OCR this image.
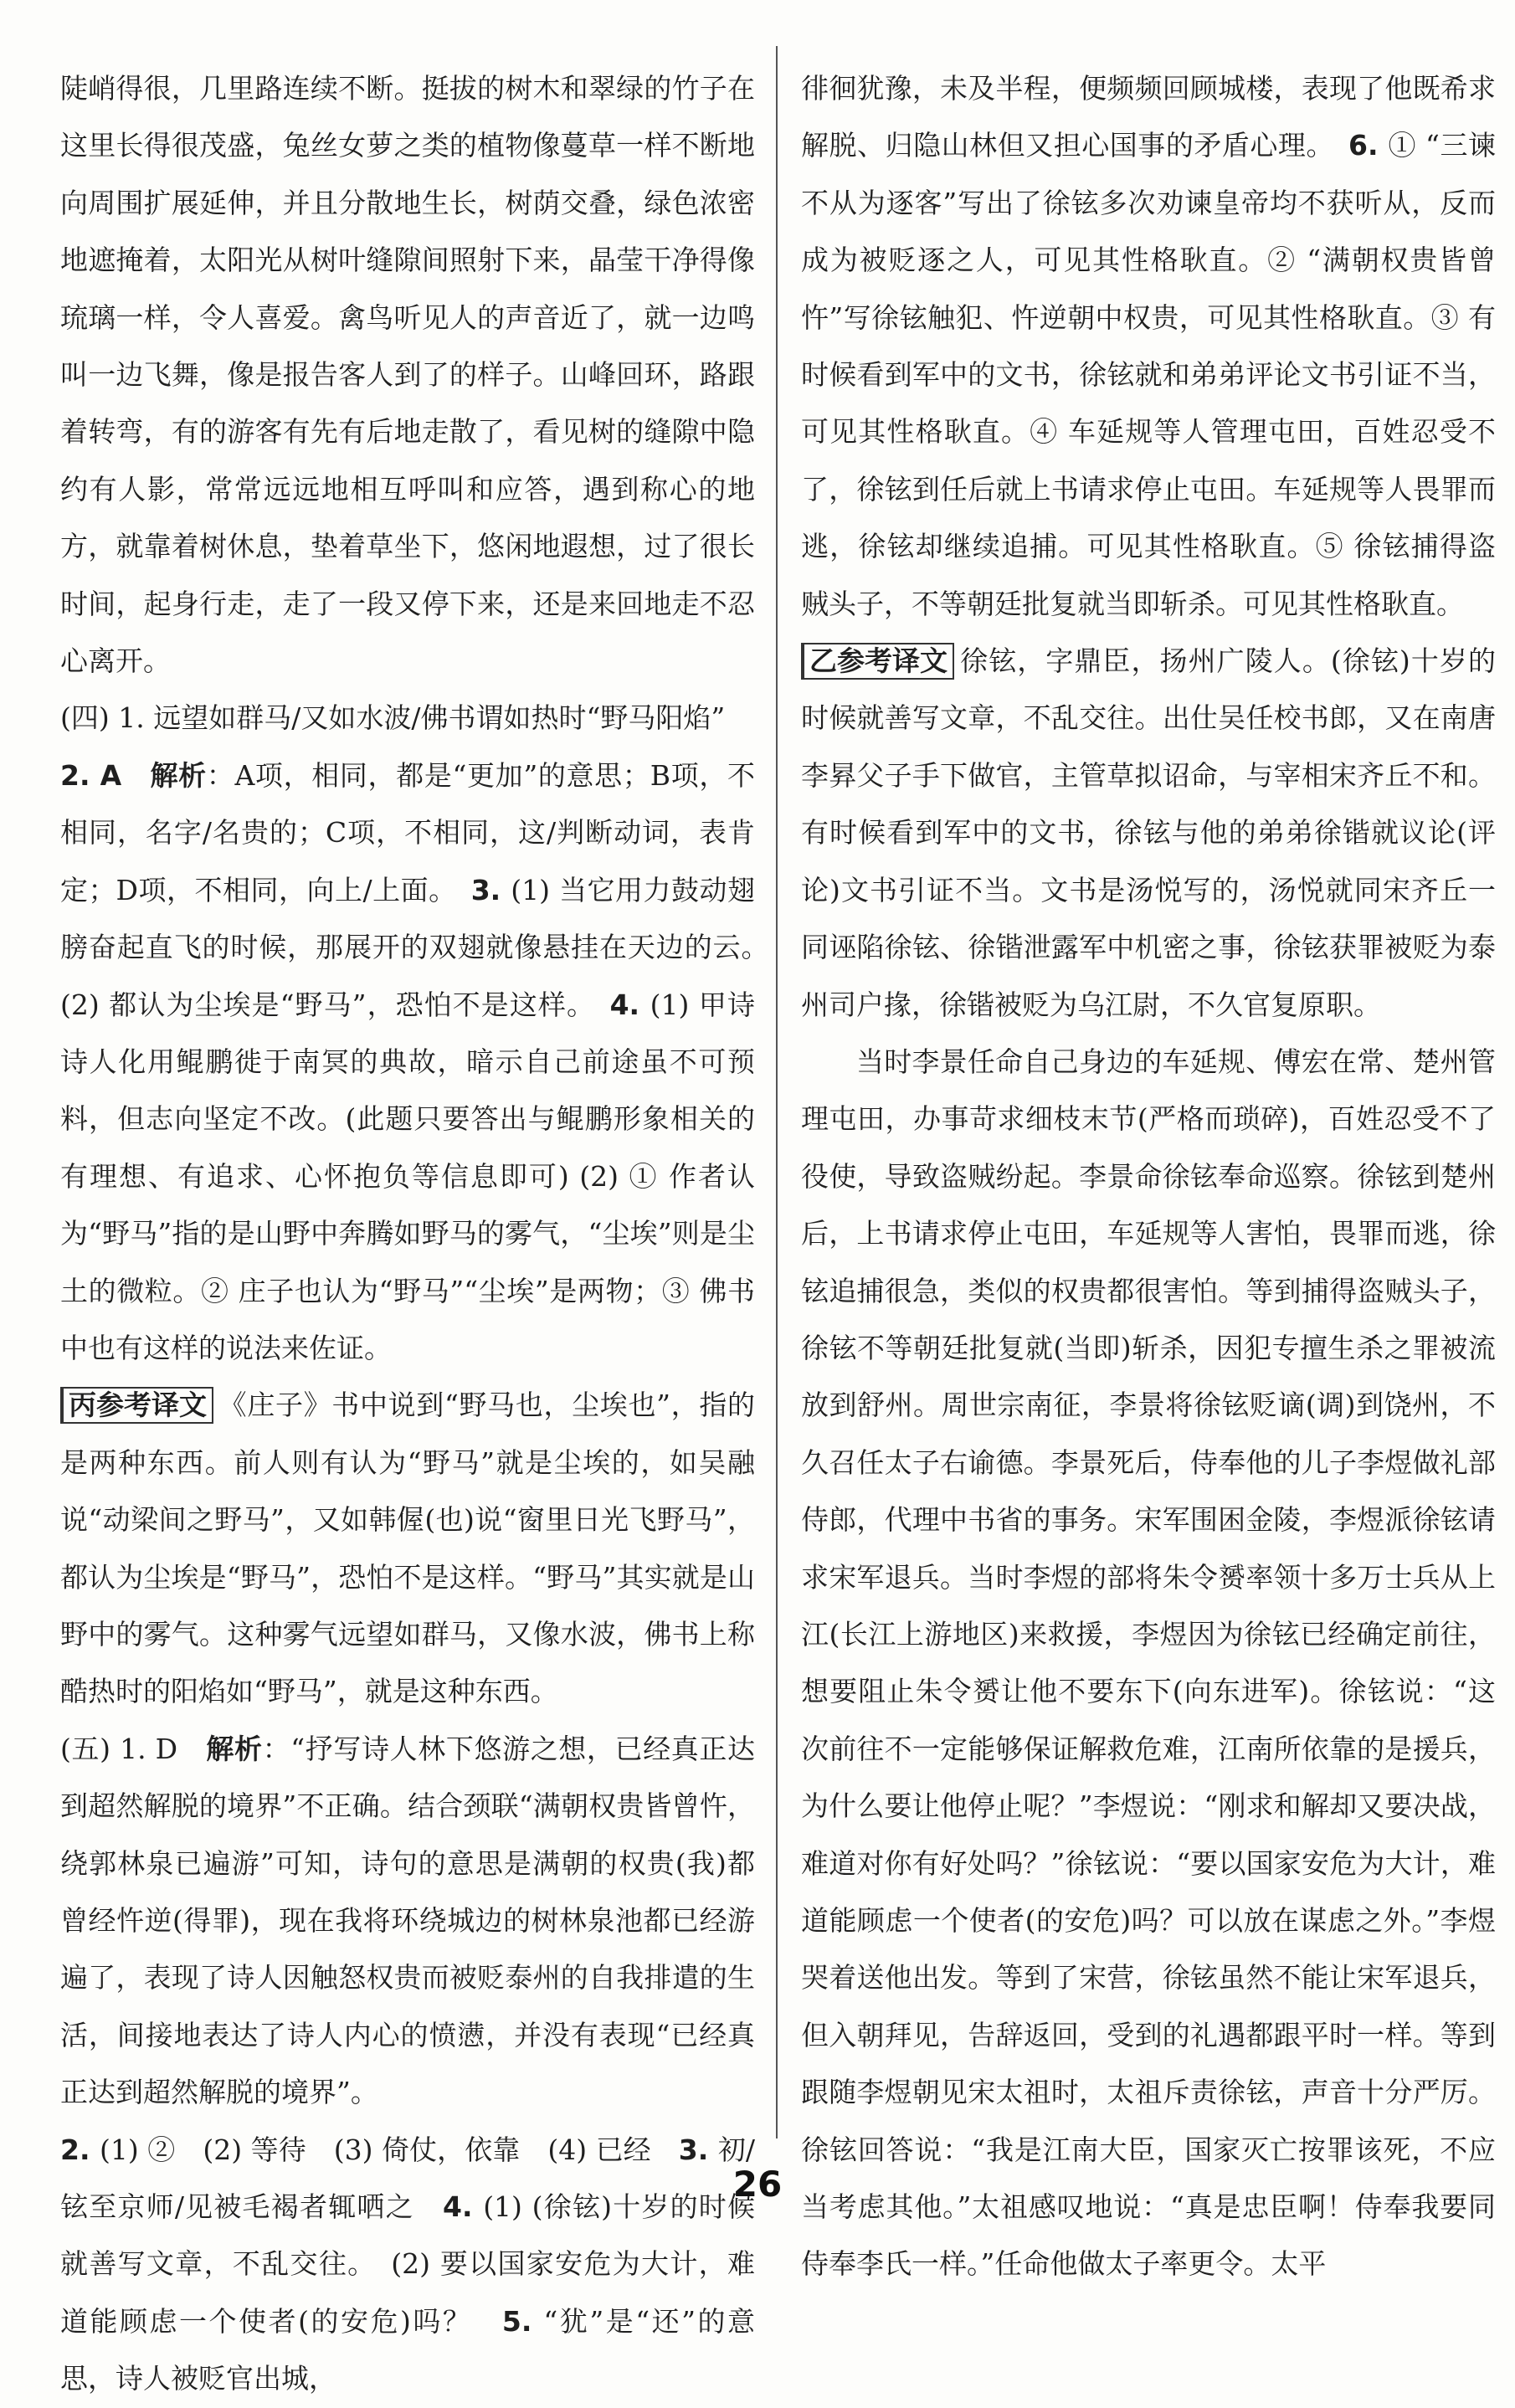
陡峭得很，几里路连续不断。挺拔的树木和翠绿的竹子在这里长得很茂盛，兔丝女萝之类的植物像蔓草一样不断地向周围扩展延伸，并且分散地生长，树荫交叠，绿色浓密地遮掩着，太阳光从树叶缝隙间照射下来，晶莹干净得像琉璃一样，令人喜爱。禽鸟听见人的声音近了，就一边鸣叫一边飞舞，像是报告客人到了的样子。山峰回环，路跟着转弯，有的游客有先有后地走散了，看见树的缝隙中隐约有人影，常常远远地相互呼叫和应答，遇到称心的地方，就靠着树休息，垫着草坐下，悠闲地遐想，过了很长时间，起身行走，走了一段又停下来，还是来回地走不忍心离开。

(四) 1. 远望如群马/又如水波/佛书谓如热时“野马阳焰”

2. A　解析：A项，相同，都是“更加”的意思；B项，不相同，名字/名贵的；C项，不相同，这/判断动词，表肯定；D项，不相同，向上/上面。　3. (1) 当它用力鼓动翅膀奋起直飞的时候，那展开的双翅就像悬挂在天边的云。　(2) 都认为尘埃是“野马”，恐怕不是这样。　4. (1) 甲诗诗人化用鲲鹏徙于南冥的典故，暗示自己前途虽不可预料，但志向坚定不改。(此题只要答出与鲲鹏形象相关的有理想、有追求、心怀抱负等信息即可) (2) ① 作者认为“野马”指的是山野中奔腾如野马的雾气，“尘埃”则是尘土的微粒。② 庄子也认为“野马”“尘埃”是两物；③ 佛书中也有这样的说法来佐证。

丙参考译文 《庄子》书中说到“野马也，尘埃也”，指的是两种东西。前人则有认为“野马”就是尘埃的，如吴融说“动梁间之野马”，又如韩偓(也)说“窗里日光飞野马”，都认为尘埃是“野马”，恐怕不是这样。“野马”其实就是山野中的雾气。这种雾气远望如群马，又像水波，佛书上称酷热时的阳焰如“野马”，就是这种东西。

(五) 1. D　解析：“抒写诗人林下悠游之想，已经真正达到超然解脱的境界”不正确。结合颈联“满朝权贵皆曾忤，绕郭林泉已遍游”可知，诗句的意思是满朝的权贵(我)都曾经忤逆(得罪)，现在我将环绕城边的树林泉池都已经游遍了，表现了诗人因触怒权贵而被贬泰州的自我排遣的生活，间接地表达了诗人内心的愤懑，并没有表现“已经真正达到超然解脱的境界”。

2. (1) ②　(2) 等待　(3) 倚仗，依靠　(4) 已经　3. 初/铉至京师/见被毛褐者辄哂之　4. (1) (徐铉)十岁的时候就善写文章，不乱交往。　(2) 要以国家安危为大计，难道能顾虑一个使者(的安危)吗？　5. “犹”是“还”的意思，诗人被贬官出城，

徘徊犹豫，未及半程，便频频回顾城楼，表现了他既希求解脱、归隐山林但又担心国事的矛盾心理。　6. ① “三谏不从为逐客”写出了徐铉多次劝谏皇帝均不获听从，反而成为被贬逐之人，可见其性格耿直。② “满朝权贵皆曾忤”写徐铉触犯、忤逆朝中权贵，可见其性格耿直。③ 有时候看到军中的文书，徐铉就和弟弟评论文书引证不当，可见其性格耿直。④ 车延规等人管理屯田，百姓忍受不了，徐铉到任后就上书请求停止屯田。车延规等人畏罪而逃，徐铉却继续追捕。可见其性格耿直。⑤ 徐铉捕得盗贼头子，不等朝廷批复就当即斩杀。可见其性格耿直。

乙参考译文 徐铉，字鼎臣，扬州广陵人。(徐铉)十岁的时候就善写文章，不乱交往。出仕吴任校书郎，又在南唐李昪父子手下做官，主管草拟诏命，与宰相宋齐丘不和。有时候看到军中的文书，徐铉与他的弟弟徐锴就议论(评论)文书引证不当。文书是汤悦写的，汤悦就同宋齐丘一同诬陷徐铉、徐锴泄露军中机密之事，徐铉获罪被贬为泰州司户掾，徐锴被贬为乌江尉，不久官复原职。

当时李景任命自己身边的车延规、傅宏在常、楚州管理屯田，办事苛求细枝末节(严格而琐碎)，百姓忍受不了役使，导致盗贼纷起。李景命徐铉奉命巡察。徐铉到楚州后，上书请求停止屯田，车延规等人害怕，畏罪而逃，徐铉追捕很急，类似的权贵都很害怕。等到捕得盗贼头子，徐铉不等朝廷批复就(当即)斩杀，因犯专擅生杀之罪被流放到舒州。周世宗南征，李景将徐铉贬谪(调)到饶州，不久召任太子右谕德。李景死后，侍奉他的儿子李煜做礼部侍郎，代理中书省的事务。宋军围困金陵，李煜派徐铉请求宋军退兵。当时李煜的部将朱令赟率领十多万士兵从上江(长江上游地区)来救援，李煜因为徐铉已经确定前往，想要阻止朱令赟让他不要东下(向东进军)。徐铉说：“这次前往不一定能够保证解救危难，江南所依靠的是援兵，为什么要让他停止呢？”李煜说：“刚求和解却又要决战，难道对你有好处吗？”徐铉说：“要以国家安危为大计，难道能顾虑一个使者(的安危)吗？可以放在谋虑之外。”李煜哭着送他出发。等到了宋营，徐铉虽然不能让宋军退兵，但入朝拜见，告辞返回，受到的礼遇都跟平时一样。等到跟随李煜朝见宋太祖时，太祖斥责徐铉，声音十分严厉。徐铉回答说：“我是江南大臣，国家灭亡按罪该死，不应当考虑其他。”太祖感叹地说：“真是忠臣啊！侍奉我要同侍奉李氏一样。”任命他做太子率更令。太平

26
